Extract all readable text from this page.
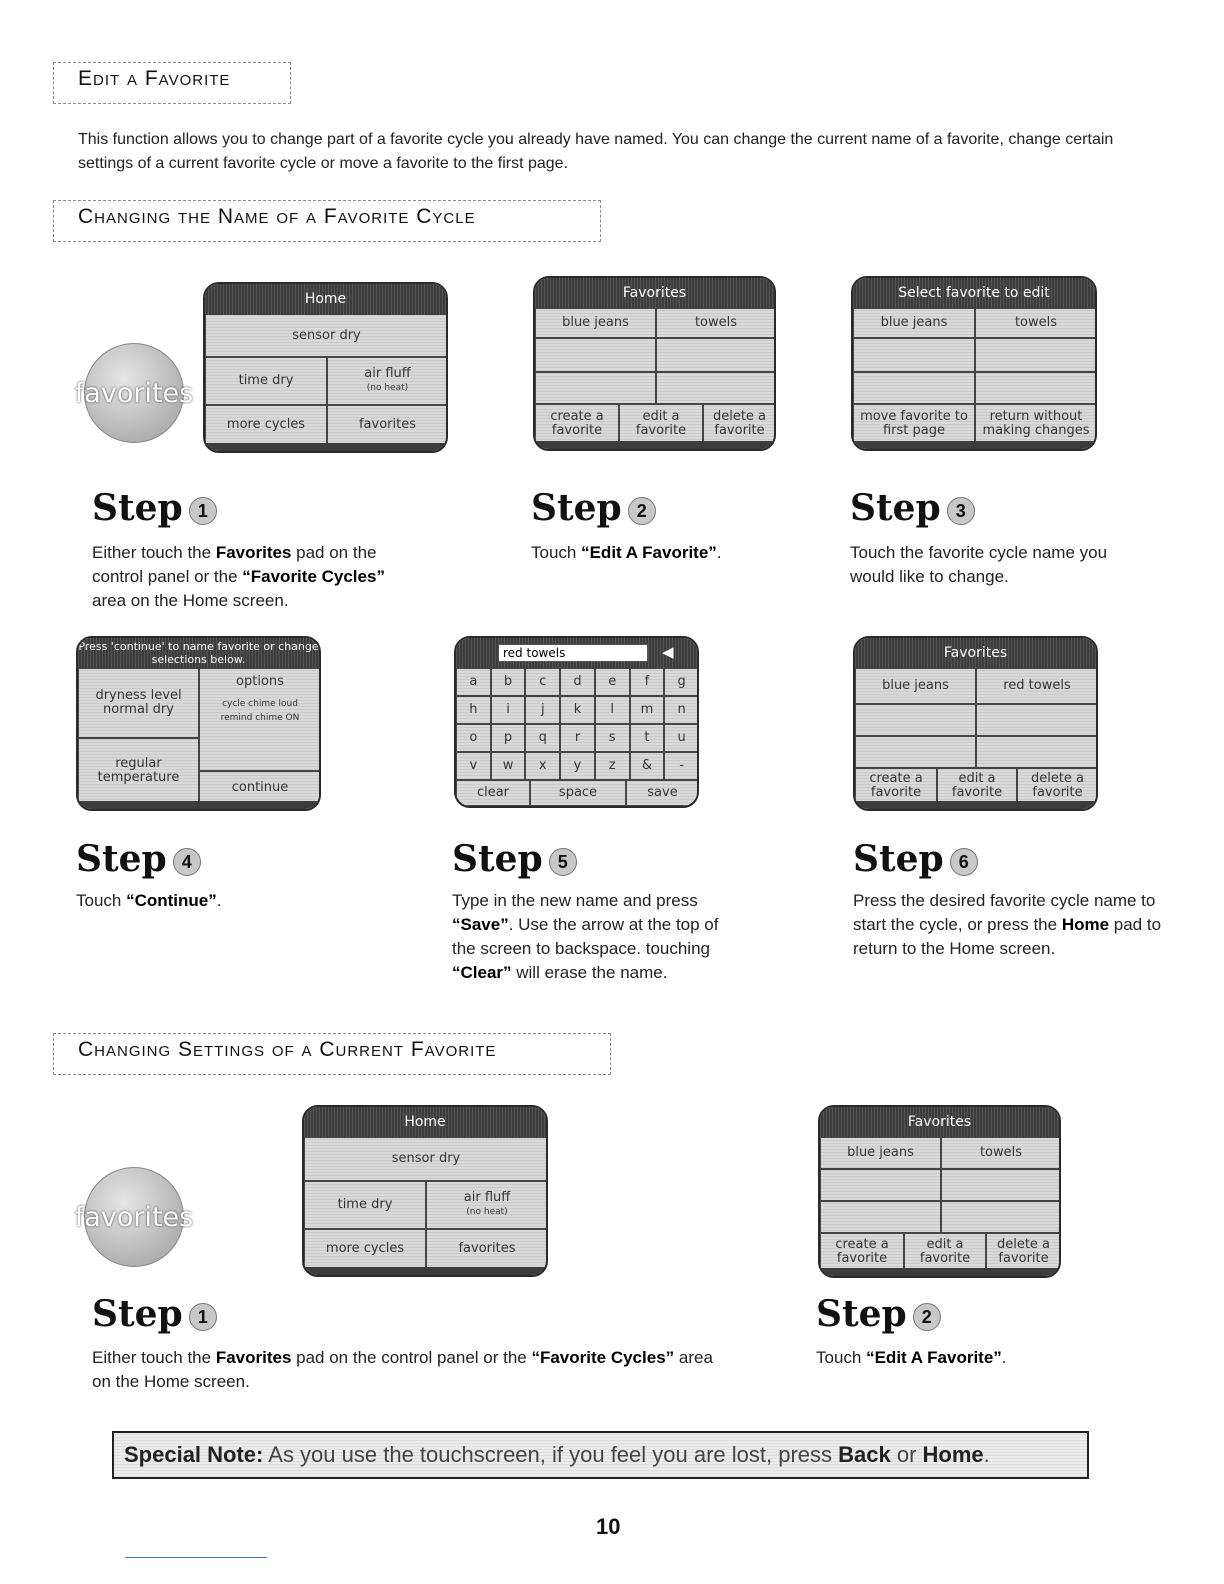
Edit a Favorite
This function allows you to change part of a favorite cycle you already have named. You can change the current name of a favorite, change certain settings of a current favorite cycle or move a favorite to the first page.
Changing the Name of a Favorite Cycle
favorites
Home
sensor dry
time dry	air fluff
(no heat)
more cycles	favorites
Favorites
blue jeans	towels
create a favorite
edit a favorite
delete a favorite
Select favorite to edit
blue jeans	towels
move favorite to first page
return without making changes
Step 1
Either touch the Favorites pad on the control panel or the “Favorite Cycles” area on the Home screen.
Step 2
Touch “Edit A Favorite”.
Step 3
Touch the favorite cycle name you would like to change.
Press 'continue' to name favorite or change selections below.
dryness level normal dry
options
cycle chime loud
remind chime ON
regular temperature
continue
red towels	◀
a	b	c	d	e	f	g
h	i	j	k	l	m	n
o	p	q	r	s	t	u
v	w	x	y	z	&	-
clear	space	save
Favorites
blue jeans	red towels
create a favorite
edit a favorite
delete a favorite
Step 4
Touch “Continue”.
Step 5
Type in the new name and press “Save”. Use the arrow at the top of the screen to backspace. touching “Clear” will erase the name.
Step 6
Press the desired favorite cycle name to start the cycle, or press the Home pad to return to the Home screen.
Changing Settings of a Current Favorite
favorites
Home
sensor dry
time dry	air fluff
(no heat)
more cycles	favorites
Favorites
blue jeans	towels
create a favorite
edit a favorite
delete a favorite
Step 1
Either touch the Favorites pad on the control panel or the “Favorite Cycles” area on the Home screen.
Step 2
Touch “Edit A Favorite”.
Special Note: As you use the touchscreen, if you feel you are lost, press Back or Home.
10
